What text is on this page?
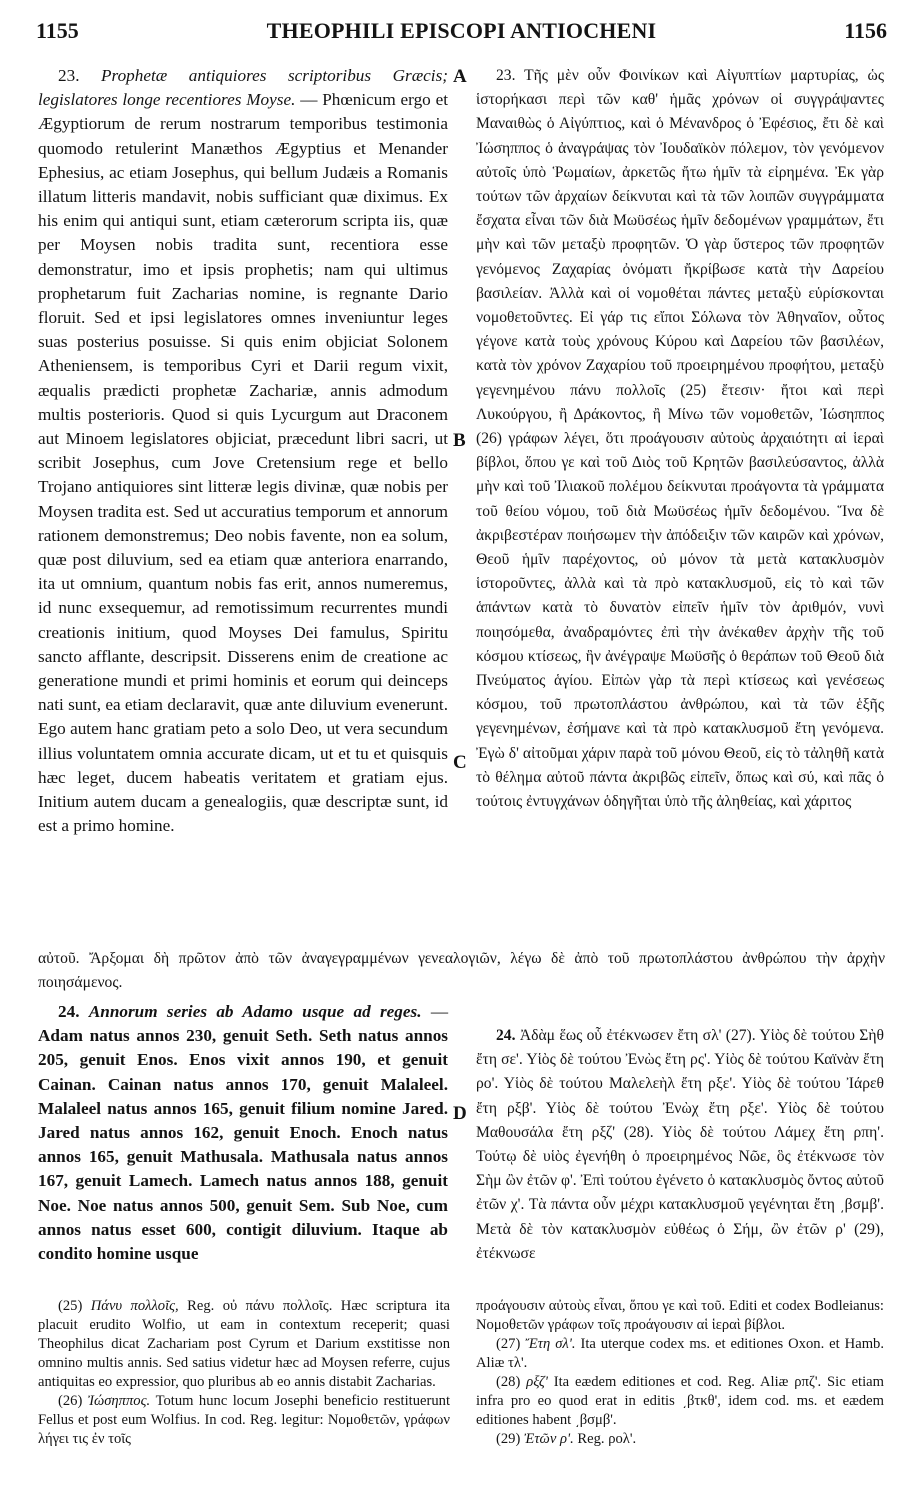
1155	THEOPHILI EPISCOPI ANTIOCHENI	1156

23. Prophetæ antiquiores scriptoribus Græcis; legislatores longe recentiores Moyse. — Phœnicum ergo et Ægyptiorum de rerum nostrarum temporibus testimonia quomodo retulerint Manæthos Ægyptius et Menander Ephesius, ac etiam Josephus, qui bellum Judæis a Romanis illatum litteris mandavit, nobis sufficiant quæ diximus. Ex his enim qui antiqui sunt, etiam cæterorum scripta iis, quæ per Moysen nobis tradita sunt, recentiora esse demonstratur, imo et ipsis prophetis; nam qui ultimus prophetarum fuit Zacharias nomine, is regnante Dario floruit. Sed et ipsi legislatores omnes inveniuntur leges suas posterius posuisse. Si quis enim objiciat Solonem Atheniensem, is temporibus Cyri et Darii regum vixit, æqualis prædicti prophetæ Zachariæ, annis admodum multis posterioris. Quod si quis Lycurgum aut Draconem aut Minoem legislatores objiciat, præcedunt libri sacri, ut scribit Josephus, cum Jove Cretensium rege et bello Trojano antiquiores sint litteræ legis divinæ, quæ nobis per Moysen tradita est. Sed ut accuratius temporum et annorum rationem demonstremus; Deo nobis favente, non ea solum, quæ post diluvium, sed ea etiam quæ anteriora enarrando, ita ut omnium, quantum nobis fas erit, annos numeremus, id nunc exsequemur, ad remotissimum recurrentes mundi creationis initium, quod Moyses Dei famulus, Spiritu sancto afflante, descripsit. Disserens enim de creatione ac generatione mundi et primi hominis et eorum qui deinceps nati sunt, ea etiam declaravit, quæ ante diluvium evenerunt. Ego autem hanc gratiam peto a solo Deo, ut vera secundum illius voluntatem omnia accurate dicam, ut et tu et quisquis hæc leget, ducem habeatis veritatem et gratiam ejus. Initium autem ducam a genealogiis, quæ descriptæ sunt, id est a primo homine.

23. Τῆς μὲν οὖν Φοινίκων καὶ Αἰγυπτίων μαρτυρίας, ὡς ἱστορήκασι περὶ τῶν καθ' ἡμᾶς χρόνων οἱ συγγράψαντες Μαναιθὼς ὁ Αἰγύπτιος, καὶ ὁ Μένανδρος ὁ Ἐφέσιος, ἔτι δὲ καὶ Ἰώσηππος ὁ ἀναγράψας τὸν Ἰουδαϊκὸν πόλεμον, τὸν γενόμενον αὐτοῖς ὑπὸ Ῥωμαίων, ἀρκετῶς ἤτω ἡμῖν τὰ εἰρημένα. Ἐκ γὰρ τούτων τῶν ἀρχαίων δείκνυται καὶ τὰ τῶν λοιπῶν συγγράμματα ἔσχατα εἶναι τῶν διὰ Μωϋσέως ἡμῖν δεδομένων γραμμάτων, ἔτι μὴν καὶ τῶν μεταξὺ προφητῶν. Ὁ γὰρ ὕστερος τῶν προφητῶν γενόμενος Ζαχαρίας ὀνόματι ἤκρίβωσε κατὰ τὴν Δαρείου βασιλείαν. Ἀλλὰ καὶ οἱ νομοθέται πάντες μεταξὺ εὑρίσκονται νομοθετοῦντες. Εἰ γάρ τις εἴποι Σόλωνα τὸν Ἀθηναῖον, οὗτος γέγονε κατὰ τοὺς χρόνους Κύρου καὶ Δαρείου τῶν βασιλέων, κατὰ τὸν χρόνον Ζαχαρίου τοῦ προειρημένου προφήτου, μεταξὺ γεγενημένου πάνυ πολλοῖς (25) ἔτεσιν· ἤτοι καὶ περὶ Λυκούργου, ἢ Δράκοντος, ἢ Μίνω τῶν νομοθετῶν, Ἰώσηππος (26) γράφων λέγει, ὅτι προάγουσιν αὐτοὺς ἀρχαιότητι αἱ ἱεραὶ βίβλοι, ὅπου γε καὶ τοῦ Διὸς τοῦ Κρητῶν βασιλεύσαντος, ἀλλὰ μὴν καὶ τοῦ Ἰλιακοῦ πολέμου δείκνυται προάγοντα τὰ γράμματα τοῦ θείου νόμου, τοῦ διὰ Μωϋσέως ἡμῖν δεδομένου. Ἵνα δὲ ἀκριβεστέραν ποιήσωμεν τὴν ἀπόδειξιν τῶν καιρῶν καὶ χρόνων, Θεοῦ ἡμῖν παρέχοντος, οὐ μόνον τὰ μετὰ κατακλυσμὸν ἱστοροῦντες, ἀλλὰ καὶ τὰ πρὸ κατακλυσμοῦ, εἰς τὸ καὶ τῶν ἁπάντων κατὰ τὸ δυνατὸν εἰπεῖν ἡμῖν τὸν ἀριθμόν, νυνὶ ποιησόμεθα, ἀναδραμόντες ἐπὶ τὴν ἀνέκαθεν ἀρχὴν τῆς τοῦ κόσμου κτίσεως, ἣν ἀνέγραψε Μωϋσῆς ὁ θεράπων τοῦ Θεοῦ διὰ Πνεύματος ἁγίου. Εἰπὼν γὰρ τὰ περὶ κτίσεως καὶ γενέσεως κόσμου, τοῦ πρωτοπλάστου ἀνθρώπου, καὶ τὰ τῶν ἑξῆς γεγενημένων, ἐσήμανε καὶ τὰ πρὸ κατακλυσμοῦ ἔτη γενόμενα. Ἐγὼ δ' αἰτοῦμαι χάριν παρὰ τοῦ μόνου Θεοῦ, εἰς τὸ τἀληθῆ κατὰ τὸ θέλημα αὐτοῦ πάντα ἀκριβῶς εἰπεῖν, ὅπως καὶ σύ, καὶ πᾶς ὁ τούτοις ἐντυγχάνων ὁδηγῆται ὑπὸ τῆς ἀληθείας, καὶ χάριτος

A
B
C
D

αὐτοῦ. Ἄρξομαι δὴ πρῶτον ἀπὸ τῶν ἀναγεγραμμένων γενεαλογιῶν, λέγω δὲ ἀπὸ τοῦ πρωτοπλάστου ἀνθρώπου τὴν ἀρχὴν ποιησάμενος.

24. Annorum series ab Adamo usque ad reges. — Adam natus annos 230, genuit Seth. Seth natus annos 205, genuit Enos. Enos vixit annos 190, et genuit Cainan. Cainan natus annos 170, genuit Malaleel. Malaleel natus annos 165, genuit filium nomine Jared. Jared natus annos 162, genuit Enoch. Enoch natus annos 165, genuit Mathusala. Mathusala natus annos 167, genuit Lamech. Lamech natus annos 188, genuit Noe. Noe natus annos 500, genuit Sem. Sub Noe, cum annos natus esset 600, contigit diluvium. Itaque ab condito homine usque

24. Ἀδὰμ ἕως οὗ ἐτέκνωσεν ἔτη σλ' (27). Υἱὸς δὲ τούτου Σὴθ ἔτη σε'. Υἱὸς δὲ τούτου Ἐνὼς ἔτη ρς'. Υἱὸς δὲ τούτου Καϊνὰν ἔτη ρο'. Υἱὸς δὲ τούτου Μαλελεὴλ ἔτη ρξε'. Υἱὸς δὲ τούτου Ἰάρεθ ἔτη ρξβ'. Υἱὸς δὲ τούτου Ἐνὼχ ἔτη ρξε'. Υἱὸς δὲ τούτου Μαθουσάλα ἔτη ρξζ' (28). Υἱὸς δὲ τούτου Λάμεχ ἔτη ρπη'. Τούτῳ δὲ υἱὸς ἐγενήθη ὁ προειρημένος Νῶε, ὃς ἐτέκνωσε τὸν Σὴμ ὢν ἐτῶν φ'. Ἐπὶ τούτου ἐγένετο ὁ κατακλυσμὸς ὄντος αὐτοῦ ἐτῶν χ'. Τὰ πάντα οὖν μέχρι κατακλυσμοῦ γεγένηται ἔτη ͵βσμβ'. Μετὰ δὲ τὸν κατακλυσμὸν εὐθέως ὁ Σήμ, ὢν ἐτῶν ρ' (29), ἐτέκνωσε

(25) Πάνυ πολλοῖς, Reg. οὐ πάνυ πολλοῖς. Hæc scriptura ita placuit erudito Wolfio, ut eam in contextum receperit; quasi Theophilus dicat Zachariam post Cyrum et Darium exstitisse non omnino multis annis. Sed satius videtur hæc ad Moysen referre, cujus antiquitas eo expressior, quo pluribus ab eo annis distabit Zacharias.

(26) Ἰώσηππος. Totum hunc locum Josephi beneficio restituerunt Fellus et post eum Wolfius. In cod. Reg. legitur: Νομοθετῶν, γράφων λήγει τις ἐν τοῖς

προάγουσιν αὐτοὺς εἶναι, ὅπου γε καὶ τοῦ. Editi et codex Bodleianus: Νομοθετῶν γράφων τοῖς προάγουσιν αἱ ἱεραὶ βίβλοι.

(27) Ἔτη σλ'. Ita uterque codex ms. et editiones Oxon. et Hamb. Aliæ τλ'.

(28) ρξζ' Ita eædem editiones et cod. Reg. Aliæ ρπζ'. Sic etiam infra pro eo quod erat in editis ͵βτκθ', idem cod. ms. et eædem editiones habent ͵βσμβ'.

(29) Ἐτῶν ρ'. Reg. ρολ'.
